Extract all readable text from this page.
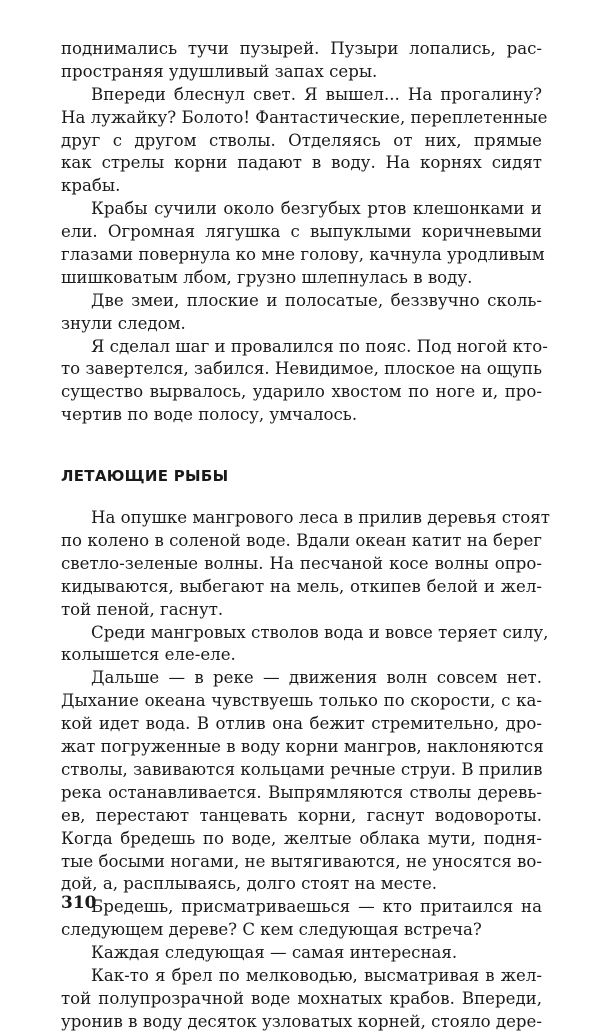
поднимались тучи пузырей. Пузыри лопались, рас-
пространяя удушливый запах серы.
Впереди блеснул свет. Я вышел... На прогалину?
На лужайку? Болото! Фантастические, переплетенные
друг с другом стволы. Отделяясь от них, прямые
как стрелы корни падают в воду. На корнях сидят
крабы.
Крабы сучили около безгубых ртов клешонками и
ели. Огромная лягушка с выпуклыми коричневыми
глазами повернула ко мне голову, качнула уродливым
шишковатым лбом, грузно шлепнулась в воду.
Две змеи, плоские и полосатые, беззвучно сколь-
знули следом.
Я сделал шаг и провалился по пояс. Под ногой кто-
то завертелся, забился. Невидимое, плоское на ощупь
существо вырвалось, ударило хвостом по ноге и, про-
чертив по воде полосу, умчалось.
ЛЕТАЮЩИЕ РЫБЫ
На опушке мангрового леса в прилив деревья стоят
по колено в соленой воде. Вдали океан катит на берег
светло-зеленые волны. На песчаной косе волны опро-
кидываются, выбегают на мель, откипев белой и жел-
той пеной, гаснут.
Среди мангровых стволов вода и вовсе теряет силу,
колышется еле-еле.
Дальше — в реке — движения волн совсем нет.
Дыхание океана чувствуешь только по скорости, с ка-
кой идет вода. В отлив она бежит стремительно, дро-
жат погруженные в воду корни мангров, наклоняются
стволы, завиваются кольцами речные струи. В прилив
река останавливается. Выпрямляются стволы деревь-
ев, перестают танцевать корни, гаснут водовороты.
Когда бредешь по воде, желтые облака мути, подня-
тые босыми ногами, не вытягиваются, не уносятся во-
дой, а, расплываясь, долго стоят на месте.
Бредешь, присматриваешься — кто притаился на
следующем дереве? С кем следующая встреча?
Каждая следующая — самая интересная.
Как-то я брел по мелководью, высматривая в жел-
той полупрозрачной воде мохнатых крабов. Впереди,
уронив в воду десяток узловатых корней, стояло дере-
310
